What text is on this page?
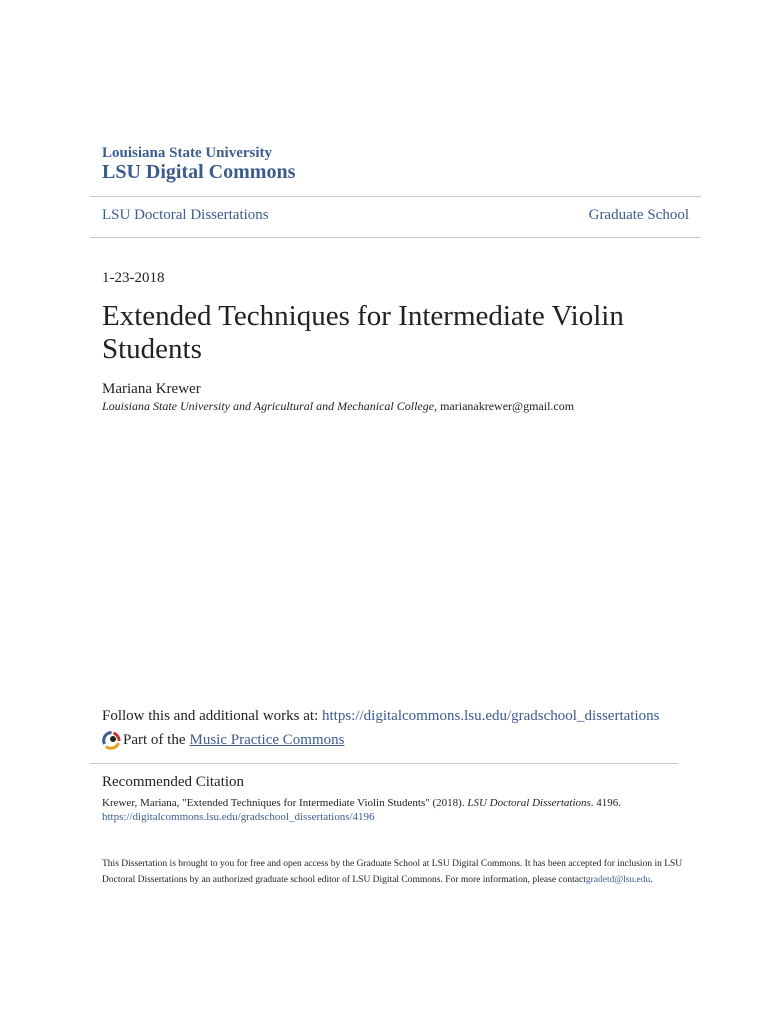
Louisiana State University
LSU Digital Commons
LSU Doctoral Dissertations	Graduate School
1-23-2018
Extended Techniques for Intermediate Violin Students
Mariana Krewer
Louisiana State University and Agricultural and Mechanical College, marianakrewer@gmail.com
Follow this and additional works at: https://digitalcommons.lsu.edu/gradschool_dissertations
Part of the Music Practice Commons
Recommended Citation
Krewer, Mariana, "Extended Techniques for Intermediate Violin Students" (2018). LSU Doctoral Dissertations. 4196.
https://digitalcommons.lsu.edu/gradschool_dissertations/4196
This Dissertation is brought to you for free and open access by the Graduate School at LSU Digital Commons. It has been accepted for inclusion in LSU Doctoral Dissertations by an authorized graduate school editor of LSU Digital Commons. For more information, please contactgradetd@lsu.edu.
